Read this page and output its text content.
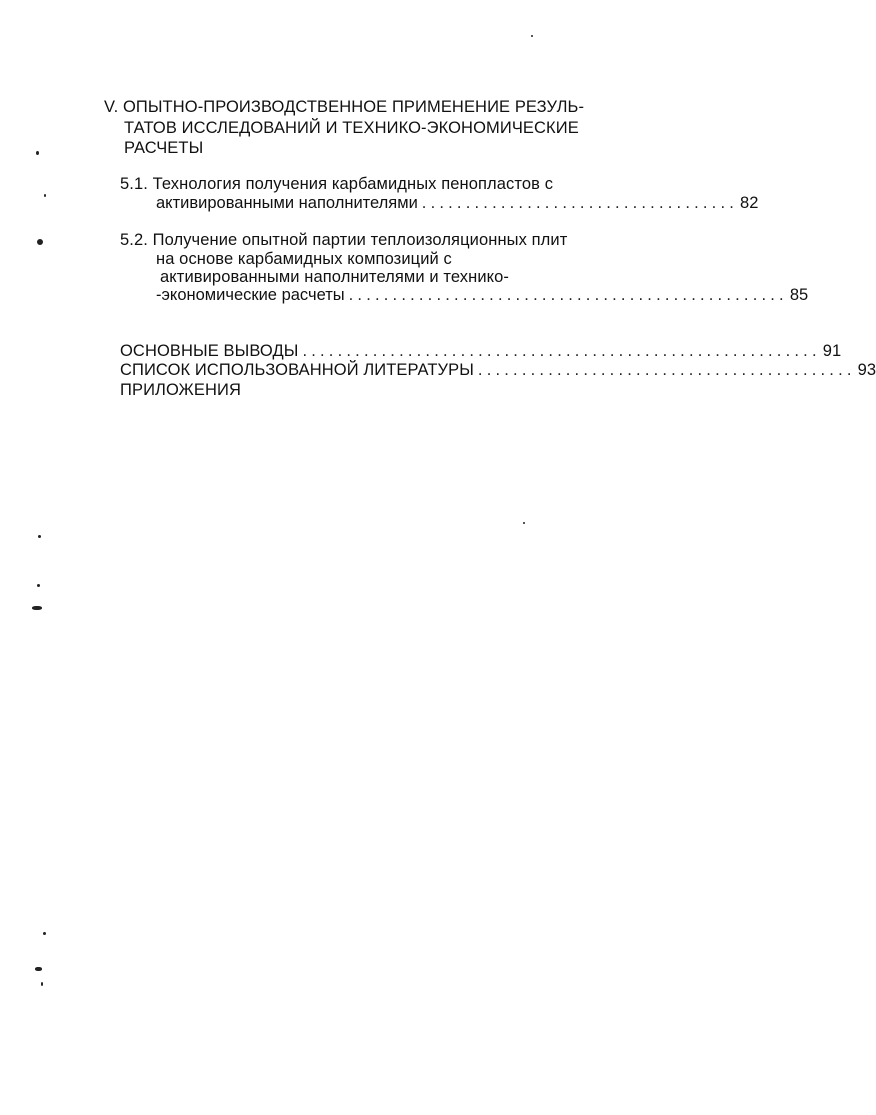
V. ОПЫТНО-ПРОИЗВОДСТВЕННОЕ ПРИМЕНЕНИЕ РЕЗУЛЬ-
ТАТОВ ИССЛЕДОВАНИЙ И ТЕХНИКО-ЭКОНОМИЧЕСКИЕ
РАСЧЕТЫ
5.1. Технология получения карбамидных пенопластов с
активированными наполнителями .................................... 82
5.2. Получение опытной партии теплоизоляционных плит
на основе карбамидных композиций с
активированными наполнителями и технико-
-экономические расчеты .................................................. 85
ОСНОВНЫЕ ВЫВОДЫ ........................................................... 91
СПИСОК ИСПОЛЬЗОВАННОЙ ЛИТЕРАТУРЫ ........................................... 93
ПРИЛОЖЕНИЯ
